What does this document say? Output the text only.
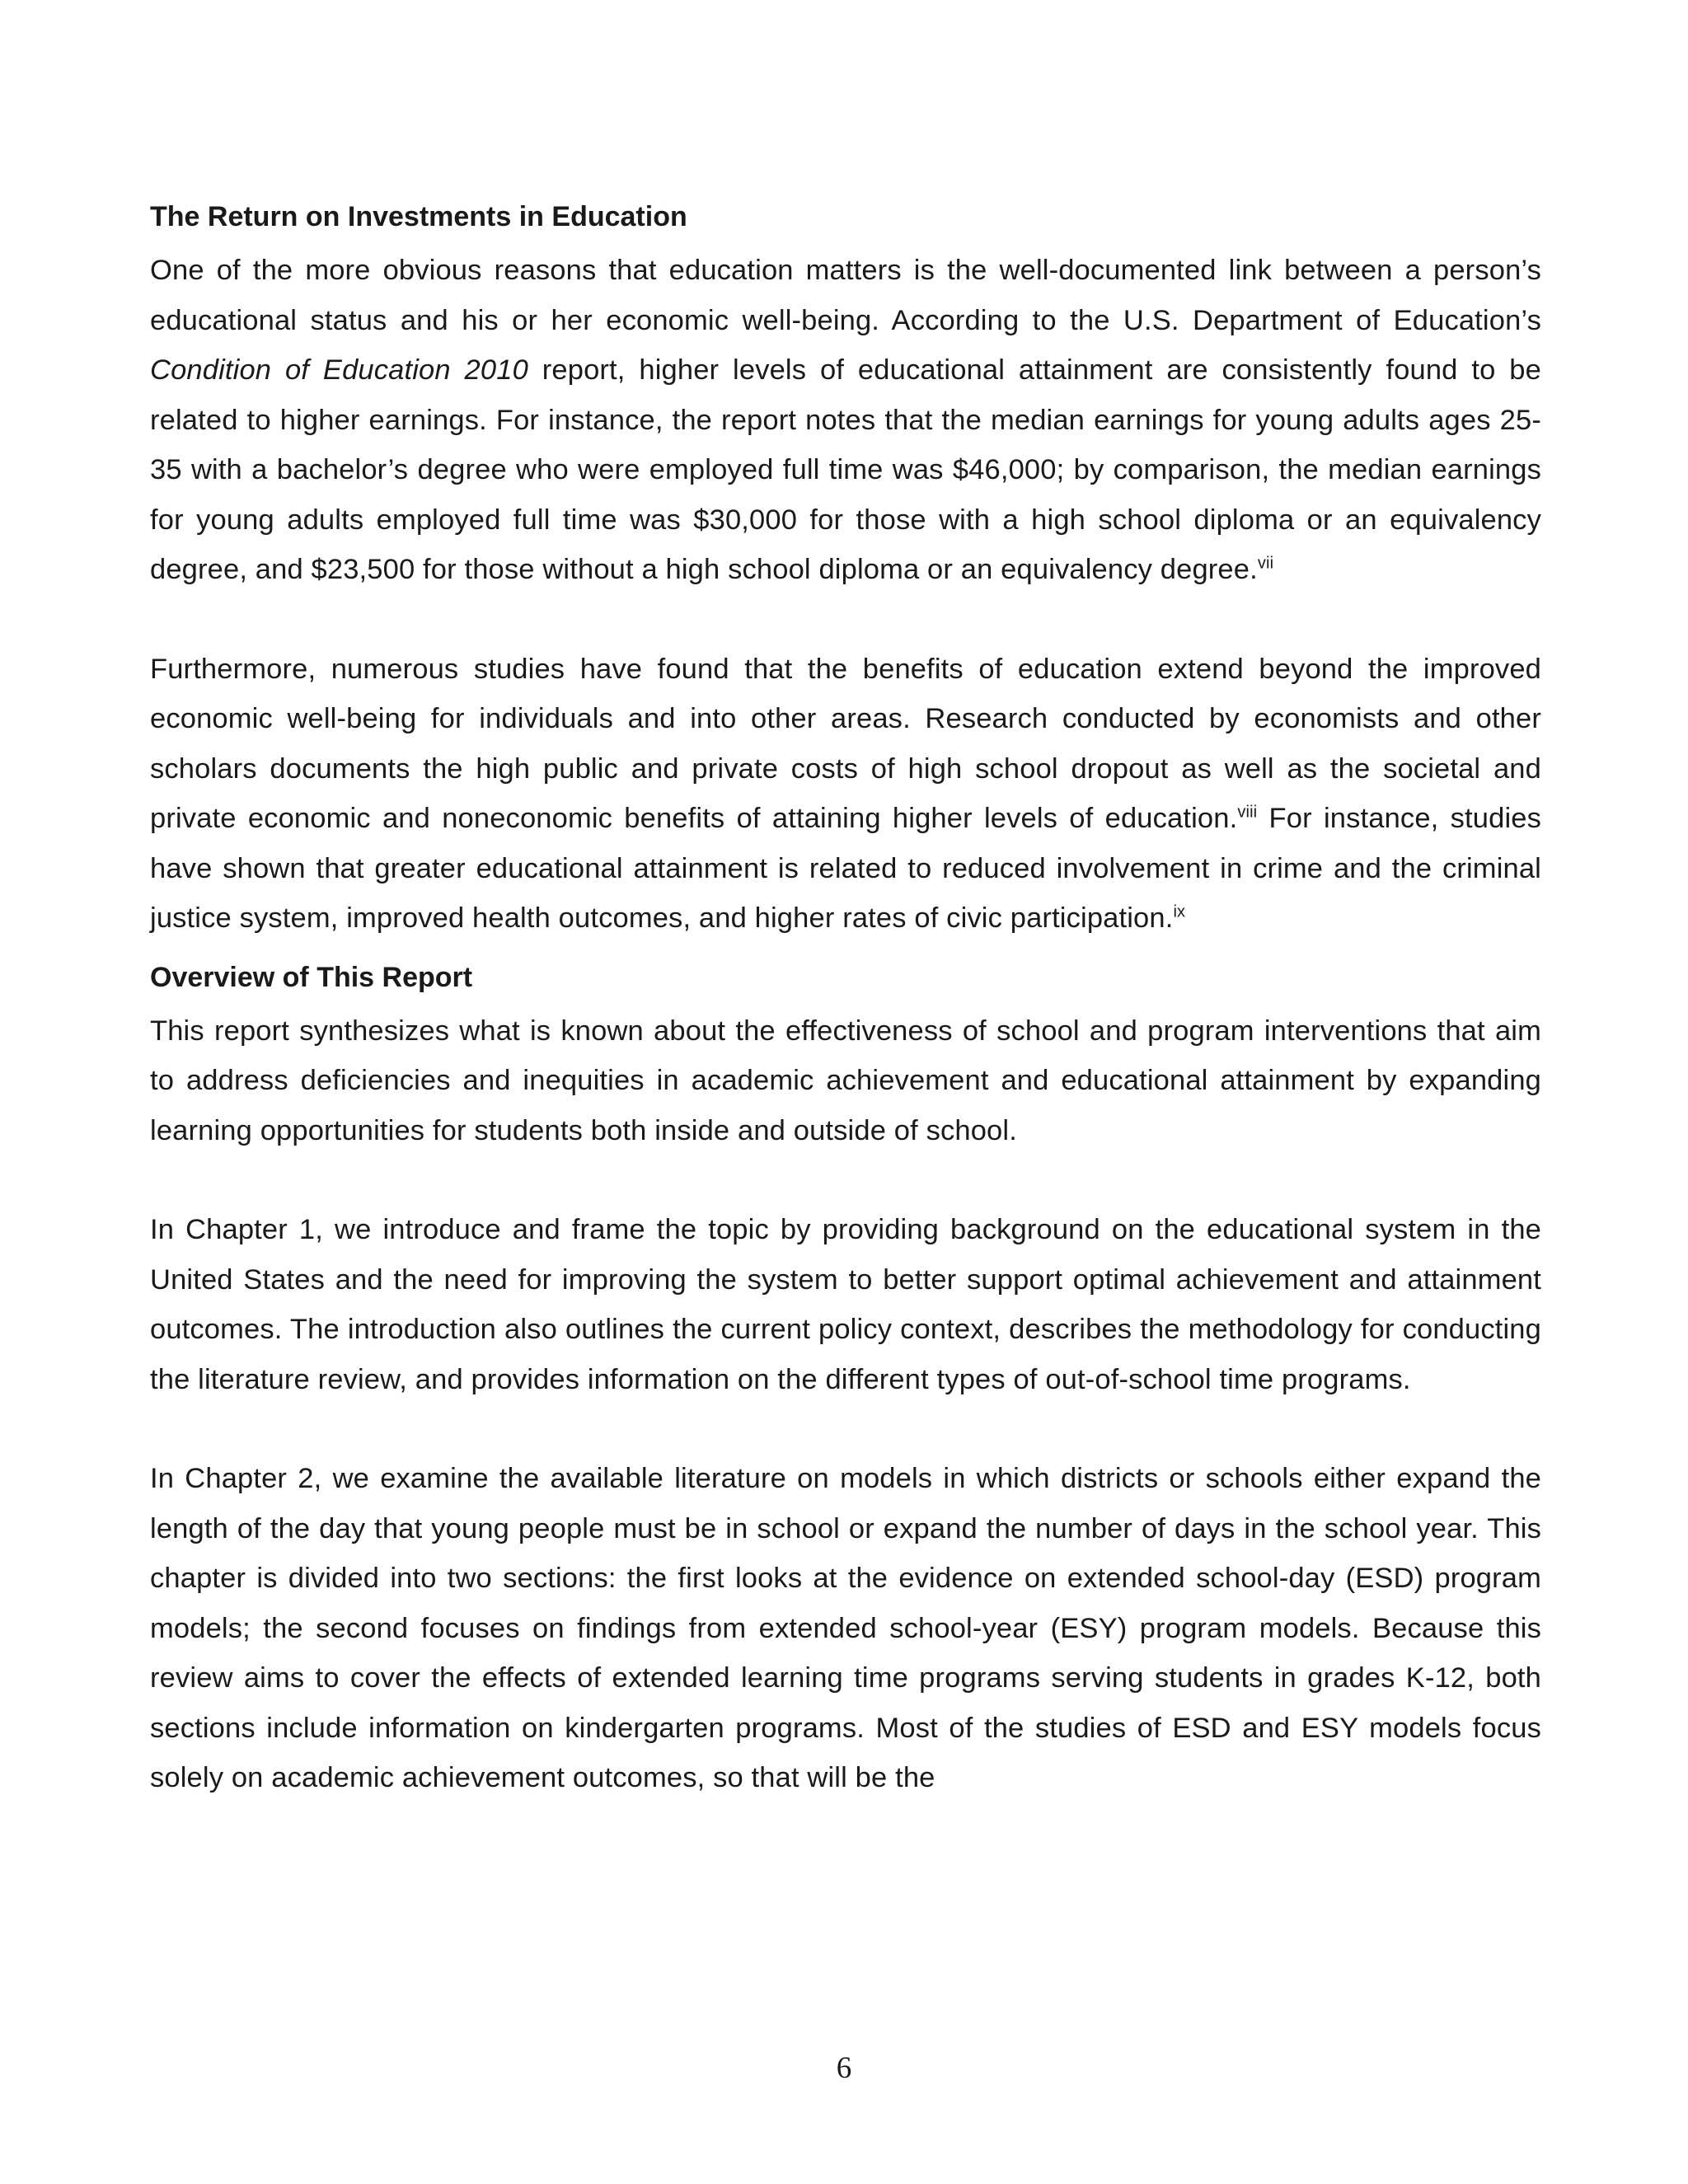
The Return on Investments in Education

One of the more obvious reasons that education matters is the well-documented link between a person’s educational status and his or her economic well-being. According to the U.S. Department of Education’s Condition of Education 2010 report, higher levels of educational attainment are consistently found to be related to higher earnings. For instance, the report notes that the median earnings for young adults ages 25-35 with a bachelor’s degree who were employed full time was $46,000; by comparison, the median earnings for young adults employed full time was $30,000 for those with a high school diploma or an equivalency degree, and $23,500 for those without a high school diploma or an equivalency degree.$^{vii}$

Furthermore, numerous studies have found that the benefits of education extend beyond the improved economic well-being for individuals and into other areas. Research conducted by economists and other scholars documents the high public and private costs of high school dropout as well as the societal and private economic and noneconomic benefits of attaining higher levels of education.$^{viii}$ For instance, studies have shown that greater educational attainment is related to reduced involvement in crime and the criminal justice system, improved health outcomes, and higher rates of civic participation.$^{ix}$

Overview of This Report

This report synthesizes what is known about the effectiveness of school and program interventions that aim to address deficiencies and inequities in academic achievement and educational attainment by expanding learning opportunities for students both inside and outside of school.

In Chapter 1, we introduce and frame the topic by providing background on the educational system in the United States and the need for improving the system to better support optimal achievement and attainment outcomes. The introduction also outlines the current policy context, describes the methodology for conducting the literature review, and provides information on the different types of out-of-school time programs.

In Chapter 2, we examine the available literature on models in which districts or schools either expand the length of the day that young people must be in school or expand the number of days in the school year. This chapter is divided into two sections: the first looks at the evidence on extended school-day (ESD) program models; the second focuses on findings from extended school-year (ESY) program models. Because this review aims to cover the effects of extended learning time programs serving students in grades K-12, both sections include information on kindergarten programs. Most of the studies of ESD and ESY models focus solely on academic achievement outcomes, so that will be the

6
